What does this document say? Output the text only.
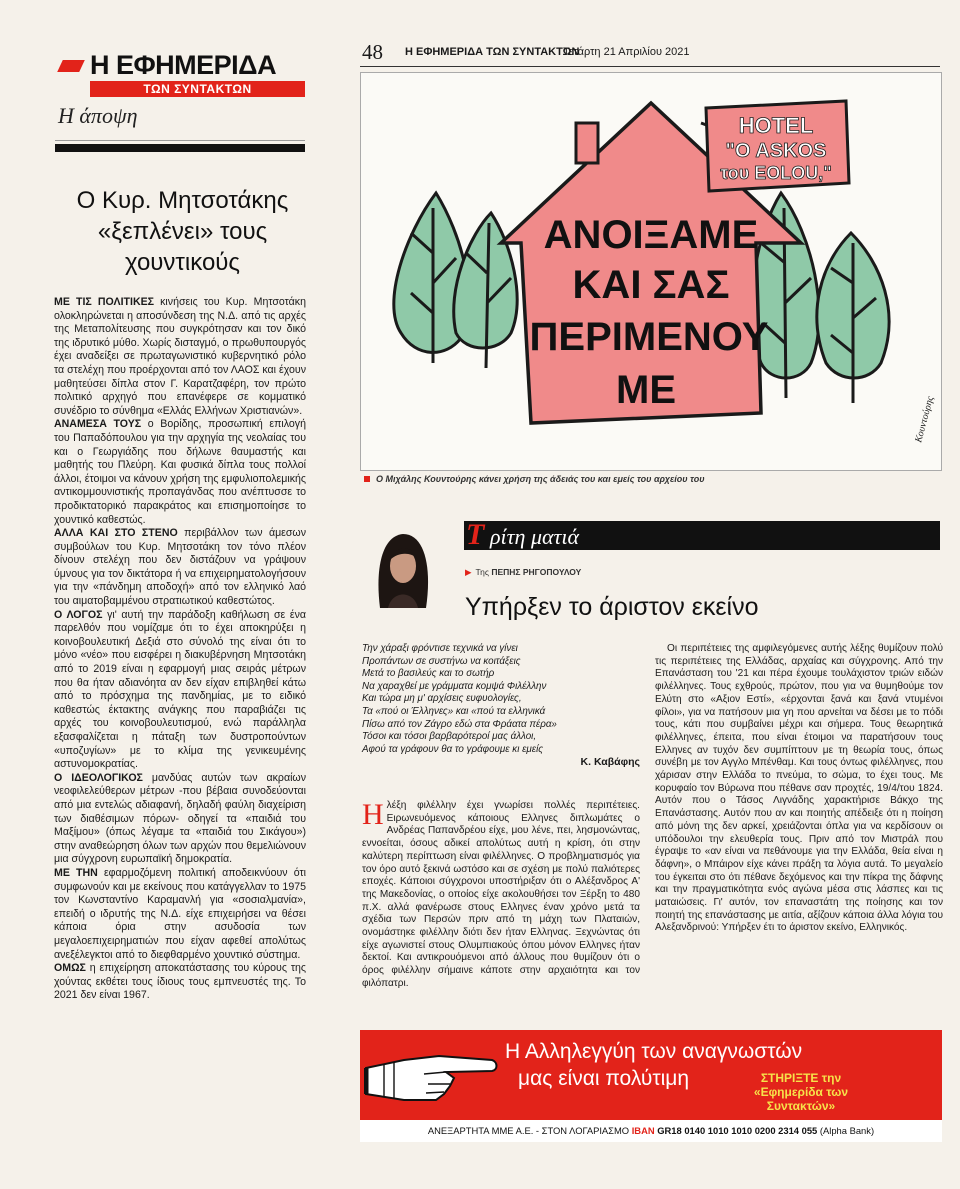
Η ΕΦΗΜΕΡΙΔΑ
ΤΩΝ ΣΥΝΤΑΚΤΩΝ
Η άποψη
Ο Κυρ. Μητσοτάκης «ξεπλένει» τους χουντικούς

ΜΕ ΤΙΣ ΠΟΛΙΤΙΚΕΣ κινήσεις του Κυρ. Μητσοτάκη ολοκληρώνεται η αποσύνδεση της Ν.Δ. από τις αρχές της Μεταπολίτευσης που συγκρότησαν και τον δικό της ιδρυτικό μύθο. Χωρίς δισταγμό, ο πρωθυπουργός έχει αναδείξει σε πρωταγωνιστικό κυβερνητικό ρόλο τα στελέχη που προέρχονται από τον ΛΑΟΣ και έχουν μαθητεύσει δίπλα στον Γ. Καρατζαφέρη, τον πρώτο πολιτικό αρχηγό που επανέφερε σε κομματικό συνέδριο το σύνθημα «Ελλάς Ελλήνων Χριστιανών».

ΑΝΑΜΕΣΑ ΤΟΥΣ ο Βορίδης, προσωπική επιλογή του Παπαδόπουλου για την αρχηγία της νεολαίας του και ο Γεωργιάδης που δήλωνε θαυμαστής και μαθητής του Πλεύρη. Και φυσικά δίπλα τους πολλοί άλλοι, έτοιμοι να κάνουν χρήση της εμφυλιοπολεμικής αντικομμουνιστικής προπαγάνδας που ανέπτυσσε το προδικτατορικό παρακράτος και επισημοποίησε το χουντικό καθεστώς.

ΑΛΛΑ ΚΑΙ ΣΤΟ ΣΤΕΝΟ περιβάλλον των άμεσων συμβούλων του Κυρ. Μητσοτάκη τον τόνο πλέον δίνουν στελέχη που δεν διστάζουν να γράψουν ύμνους για τον δικτάτορα ή να επιχειρηματολογήσουν για την «πάνδημη αποδοχή» από τον ελληνικό λαό του αιματοβαμμένου στρατιωτικού καθεστώτος.

Ο ΛΟΓΟΣ γι' αυτή την παράδοξη καθήλωση σε ένα παρελθόν που νομίζαμε ότι το έχει αποκηρύξει η κοινοβουλευτική Δεξιά στο σύνολό της είναι ότι το μόνο «νέο» που εισφέρει η διακυβέρνηση Μητσοτάκη από το 2019 είναι η εφαρμογή μιας σειράς μέτρων που θα ήταν αδιανόητα αν δεν είχαν επιβληθεί κάτω από το πρόσχημα της πανδημίας, με το ειδικό καθεστώς έκτακτης ανάγκης που παραβιάζει τις αρχές του κοινοβουλευτισμού, ενώ παράλληλα εξασφαλίζεται η πάταξη των δυστροπούντων «υποζυγίων» με το κλίμα της γενικευμένης αστυνομοκρατίας.

Ο ΙΔΕΟΛΟΓΙΚΟΣ μανδύας αυτών των ακραίων νεοφιλελεύθερων μέτρων -που βέβαια συνοδεύονται από μια εντελώς αδιαφανή, δηλαδή φαύλη διαχείριση των διαθέσιμων πόρων- οδηγεί τα «παιδιά του Μαξίμου» (όπως λέγαμε τα «παιδιά του Σικάγου») στην αναθεώρηση όλων των αρχών που θεμελιώνουν μια σύγχρονη ευρωπαϊκή δημοκρατία.

ΜΕ ΤΗΝ εφαρμοζόμενη πολιτική αποδεικνύουν ότι συμφωνούν και με εκείνους που κατάγγελλαν το 1975 τον Κωνσταντίνο Καραμανλή για «σοσιαλμανία», επειδή ο ιδρυτής της Ν.Δ. είχε επιχειρήσει να θέσει κάποια όρια στην ασυδοσία των μεγαλοεπιχειρηματιών που είχαν αφεθεί απολύτως ανεξέλεγκτοι από το διεφθαρμένο χουντικό σύστημα.

ΟΜΩΣ η επιχείρηση αποκατάστασης του κύρους της χούντας εκθέτει τους ίδιους τους εμπνευστές της. Το 2021 δεν είναι 1967.

48 Η ΕΦΗΜΕΡΙΔΑ ΤΩΝ ΣΥΝΤΑΚΤΩΝ
Τετάρτη 21 Απριλίου 2021
HOTEL
"O ASKOS
του EOLOU,"
ΑΝΟΙΞΑΜΕ
ΚΑΙ ΣΑΣ
ΠΕΡΙΜΕΝΟΥ
ΜΕ
Κουντούρης
Ο Μιχάλης Κουντούρης κάνει χρήση της άδειάς του και εμείς του αρχείου του
Τ ρίτη ματιά
▶ Της ΠΕΠΗΣ ΡΗΓΟΠΟΥΛΟΥ
Υπήρξεν το άριστον εκείνο
Την χάραξι φρόντισε τεχνικά να γίνει
Προπάντων σε συστήνω να κοιτάξεις
Μετά το βασιλεύς και το σωτήρ
Να χαραχθεί με γράμματα κομψά Φιλέλλην
Και τώρα μη μ' αρχίσεις ευφυολογίες,
Τα «πού οι Έλληνες» και «πού τα ελληνικά
Πίσω από τον Ζάγρο εδώ στα Φράατα πέρα»
Τόσοι και τόσοι βαρβαρότεροί μας άλλοι,
Αφού τα γράφουν θα το γράφουμε κι εμείς
Κ. Καβάφης
Η λέξη φιλέλλην έχει γνωρίσει πολλές περιπέτειες. Ειρωνευόμενος κάποιους Ελληνες διπλωμάτες ο Ανδρέας Παπανδρέου είχε, μου λένε, πει, λησμονώντας, εννοείται, όσους αδικεί απολύτως αυτή η κρίση, ότι στην καλύτερη περίπτωση είναι φιλέλληνες. Ο προβληματισμός για τον όρο αυτό ξεκινά ωστόσο και σε σχέση με πολύ παλιότερες εποχές. Κάποιοι σύγχρονοι υποστήριξαν ότι ο Αλέξανδρος Α' της Μακεδονίας, ο οποίος είχε ακολουθήσει τον Ξέρξη το 480 π.Χ. αλλά φανέρωσε στους Ελληνες έναν χρόνο μετά τα σχέδια των Περσών πριν από τη μάχη των Πλαταιών, ονομάστηκε φιλέλλην διότι δεν ήταν Ελληνας. Ξεχνώντας ότι είχε αγωνιστεί στους Ολυμπιακούς όπου μόνον Ελληνες ήταν δεκτοί. Και αντικρουόμενοι από άλλους που θυμίζουν ότι ο όρος φιλέλλην σήμαινε κάποτε στην αρχαιότητα και τον φιλόπατρι.

Οι περιπέτειες της αμφιλεγόμενες αυτής λέξης θυμίζουν πολύ τις περιπέτειες της Ελλάδας, αρχαίας και σύγχρονης. Από την Επανάσταση του '21 και πέρα έχουμε τουλάχιστον τριών ειδών φιλέλληνες. Τους εχθρούς, πρώτον, που για να θυμηθούμε τον Ελύτη στο «Αξιον Εστί», «έρχονται ξανά και ξανά ντυμένοι φίλοι», για να πατήσουν μια γη που αρνείται να δέσει με το πόδι τους, κάτι που συμβαίνει μέχρι και σήμερα. Τους θεωρητικά φιλέλληνες, έπειτα, που είναι έτοιμοι να παρατήσουν τους Ελληνες αν τυχόν δεν συμπίπτουν με τη θεωρία τους, όπως συνέβη με τον Αγγλο Μπένθαμ. Και τους όντως φιλέλληνες, που χάρισαν στην Ελλάδα το πνεύμα, το σώμα, το έχει τους. Με κορυφαίο τον Βύρωνα που πέθανε σαν προχτές, 19/4/του 1824. Αυτόν που ο Τάσος Λιγνάδης χαρακτήρισε Βάκχο της Επανάστασης. Αυτόν που αν και ποιητής απέδειξε ότι η ποίηση από μόνη της δεν αρκεί, χρειάζονται όπλα για να κερδίσουν οι υπόδουλοι την ελευθερία τους. Πριν από τον Μιστράλ που έγραψε το «αν είναι να πεθάνουμε για την Ελλάδα, θεία είναι η δάφνη», ο Μπάιρον είχε κάνει πράξη τα λόγια αυτά. Το μεγαλείο του έγκειται στο ότι πέθανε δεχόμενος και την πίκρα της δάφνης και την πραγματικότητα ενός αγώνα μέσα στις λάσπες και τις ματαιώσεις. Γι' αυτόν, τον επαναστάτη της ποίησης και τον ποιητή της επανάστασης με αιτία, αξίζουν κάποια άλλα λόγια του Αλεξανδρινού: Υπήρξεν έτι το άριστον εκείνο, Ελληνικός.

Η Αλληλεγγύη των αναγνωστών
μας είναι πολύτιμη	ΣΤΗΡΙΞΤΕ την «Εφημερίδα των Συντακτών»
ΑΝΕΞΑΡΤΗΤΑ ΜΜΕ Α.Ε. - ΣΤΟΝ ΛΟΓΑΡΙΑΣΜΟ IBAN GR18 0140 1010 1010 0200 2314 055 (Alpha Bank)
